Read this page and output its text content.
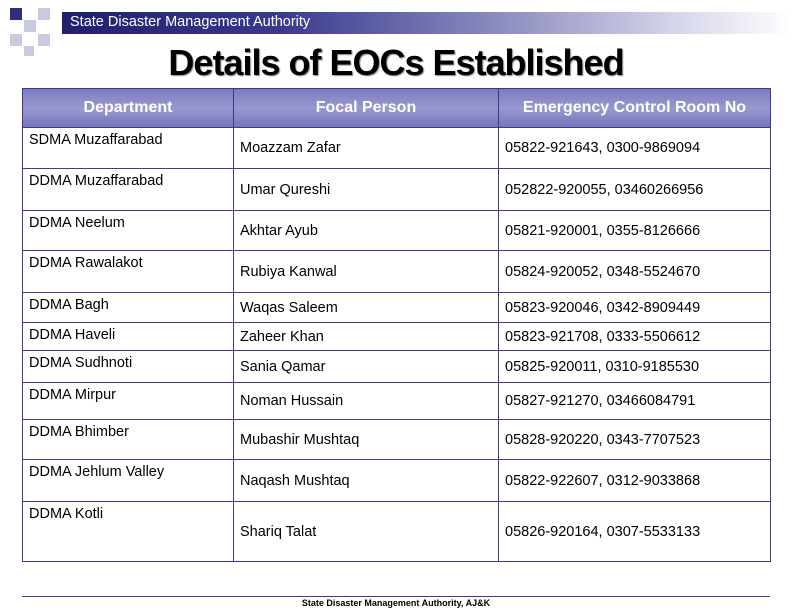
State Disaster Management Authority
Details of EOCs Established
Department	Focal Person	Emergency Control Room No
SDMA Muzaffarabad	Moazzam Zafar	05822-921643, 0300-9869094
DDMA Muzaffarabad	Umar Qureshi	052822-920055, 03460266956
DDMA Neelum	Akhtar Ayub	05821-920001, 0355-8126666
DDMA Rawalakot	Rubiya Kanwal	05824-920052, 0348-5524670
DDMA Bagh	Waqas Saleem	05823-920046, 0342-8909449
DDMA Haveli	Zaheer Khan	05823-921708, 0333-5506612
DDMA Sudhnoti	Sania Qamar	05825-920011, 0310-9185530
DDMA Mirpur	Noman Hussain	05827-921270, 03466084791
DDMA Bhimber	Mubashir Mushtaq	05828-920220, 0343-7707523
DDMA Jehlum Valley	Naqash Mushtaq	05822-922607, 0312-9033868
DDMA Kotli	Shariq Talat	05826-920164, 0307-5533133
State Disaster Management Authority, AJ&K
